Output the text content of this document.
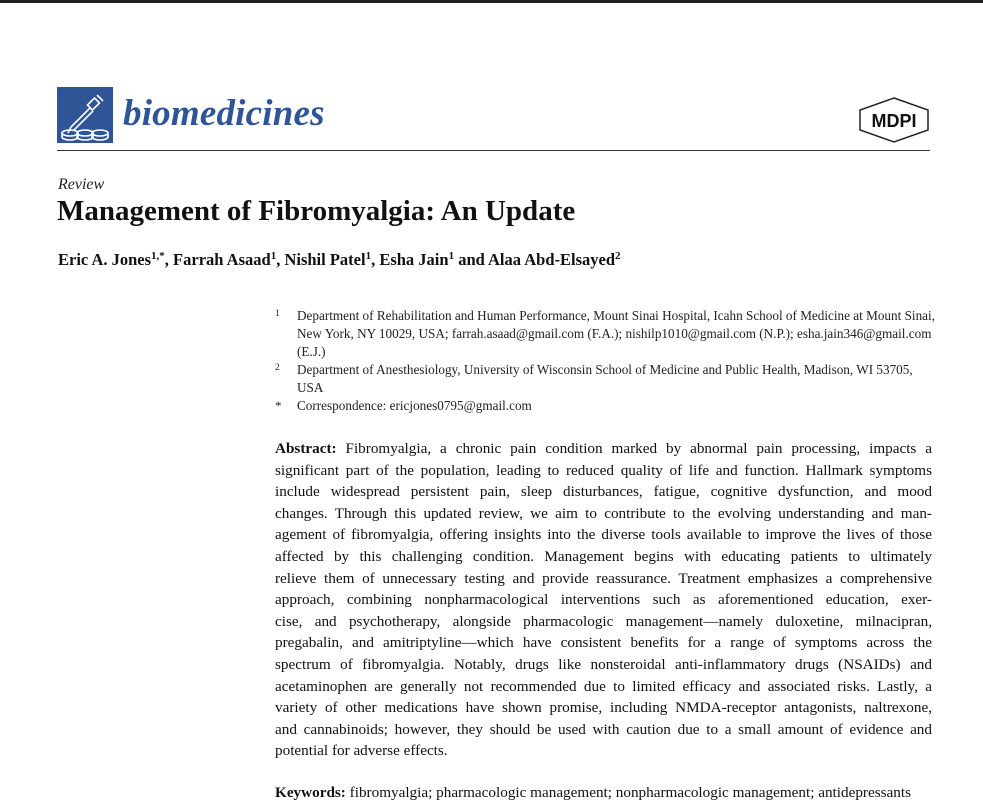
biomedicines	MDPI
Review
Management of Fibromyalgia: An Update
Eric A. Jones$^{1,*}$, Farrah Asaad$^1$, Nishil Patel$^1$, Esha Jain$^1$ and Alaa Abd-Elsayed$^2$
1	Department of Rehabilitation and Human Performance, Mount Sinai Hospital, Icahn School of Medicine at Mount Sinai, New York, NY 10029, USA; farrah.asaad@gmail.com (F.A.); nishilp1010@gmail.com (N.P.); esha.jain346@gmail.com (E.J.)
2	Department of Anesthesiology, University of Wisconsin School of Medicine and Public Health, Madison, WI 53705, USA
*	Correspondence: ericjones0795@gmail.com
Abstract: Fibromyalgia, a chronic pain condition marked by abnormal pain processing, impacts a
significant part of the population, leading to reduced quality of life and function. Hallmark symptoms
include widespread persistent pain, sleep disturbances, fatigue, cognitive dysfunction, and mood
changes. Through this updated review, we aim to contribute to the evolving understanding and man-
agement of fibromyalgia, offering insights into the diverse tools available to improve the lives of those
affected by this challenging condition. Management begins with educating patients to ultimately
relieve them of unnecessary testing and provide reassurance. Treatment emphasizes a comprehensive
approach, combining nonpharmacological interventions such as aforementioned education, exer-
cise, and psychotherapy, alongside pharmacologic management—namely duloxetine, milnacipran,
pregabalin, and amitriptyline—which have consistent benefits for a range of symptoms across the
spectrum of fibromyalgia. Notably, drugs like nonsteroidal anti-inflammatory drugs (NSAIDs) and
acetaminophen are generally not recommended due to limited efficacy and associated risks. Lastly, a
variety of other medications have shown promise, including NMDA-receptor antagonists, naltrexone,
and cannabinoids; however, they should be used with caution due to a small amount of evidence and
potential for adverse effects.
Keywords: fibromyalgia; pharmacologic management; nonpharmacologic management; antidepressants
